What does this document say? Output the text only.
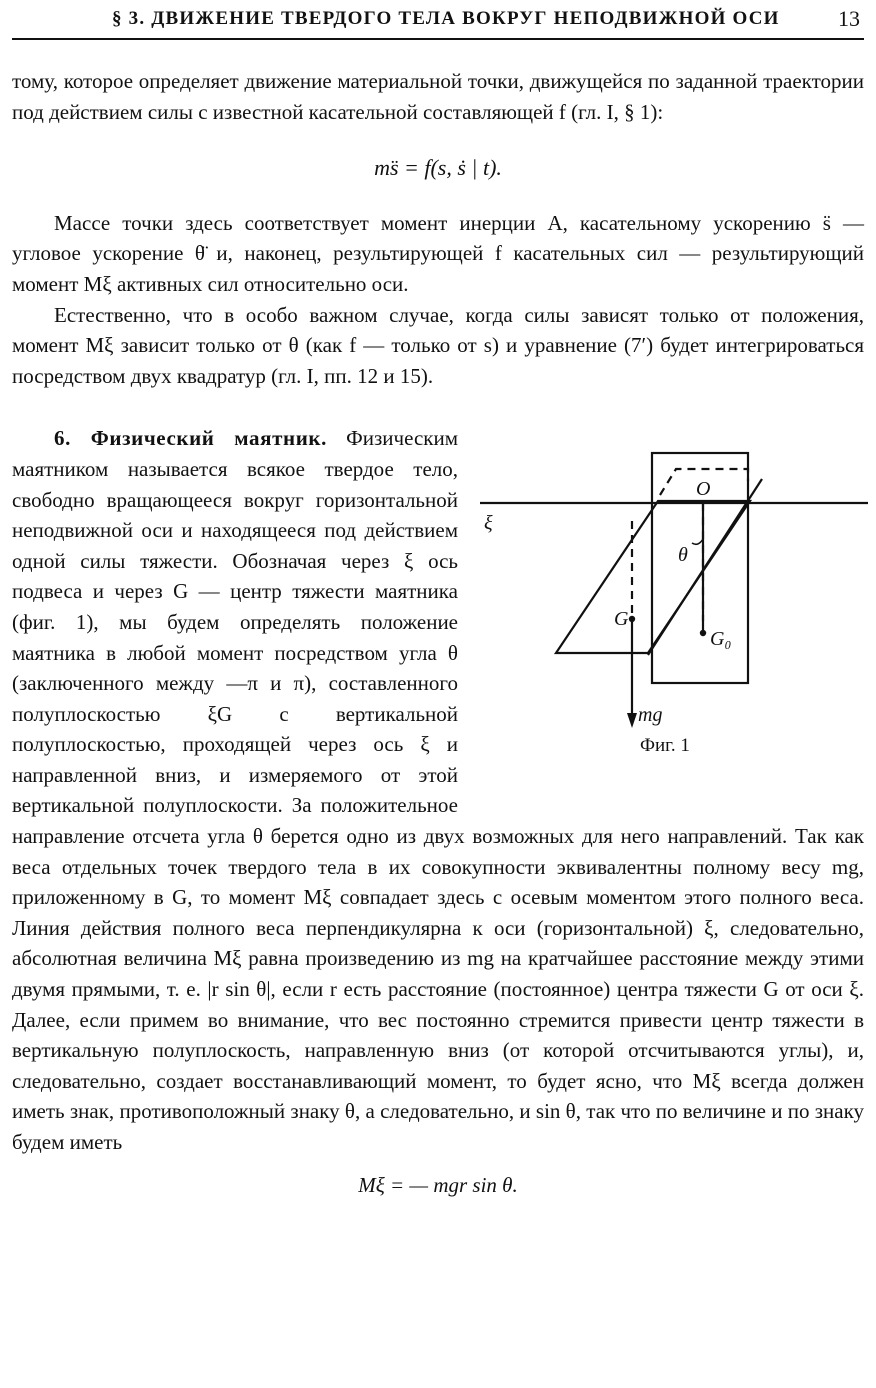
§ 3. ДВИЖЕНИЕ ТВЕРДОГО ТЕЛА ВОКРУГ НЕПОДВИЖНОЙ ОСИ	13

тому, которое определяет движение материальной точки, движущейся по заданной траектории под действием силы с известной касательной составляющей f (гл. I, § 1):

ms̈ = f(s, ṡ | t).

Массе точки здесь соответствует момент инерции A, касательному ускорению s̈ — угловое ускорение θ̈ и, наконец, результирующей f касательных сил — результирующий момент Mξ активных сил относительно оси.

Естественно, что в особо важном случае, когда силы зависят только от положения, момент Mξ зависит только от θ (как f — только от s) и уравнение (7′) будет интегрироваться посредством двух квадратур (гл. I, пп. 12 и 15).

ξ
O
θ
G
G₀
mg
Фиг. 1

6. Физический маятник. Физическим маятником называется всякое твердое тело, свободно вращающееся вокруг горизонтальной неподвижной оси и находящееся под действием одной силы тяжести. Обозначая через ξ ось подвеса и через G — центр тяжести маятника (фиг. 1), мы будем определять положение маятника в любой момент посредством угла θ (заключенного между —π и π), составленного полуплоскостью ξG с вертикальной полуплоскостью, проходящей через ось ξ и направленной вниз, и измеряемого от этой вертикальной полуплоскости. За положительное направление отсчета угла θ берется одно из двух возможных для него направлений. Так как веса отдельных точек твердого тела в их совокупности эквивалентны полному весу mg, приложенному в G, то момент Mξ совпадает здесь с осевым моментом этого полного веса. Линия действия полного веса перпендикулярна к оси (горизонтальной) ξ, следовательно, абсолютная величина Mξ равна произведению из mg на кратчайшее расстояние между этими двумя прямыми, т. е. |r sin θ|, если r есть расстояние (постоянное) центра тяжести G от оси ξ. Далее, если примем во внимание, что вес постоянно стремится привести центр тяжести в вертикальную полуплоскость, направленную вниз (от которой отсчитываются углы), и, следовательно, создает восстанавливающий момент, то будет ясно, что Mξ всегда должен иметь знак, противоположный знаку θ, а следовательно, и sin θ, так что по величине и по знаку будем иметь

Mξ = — mgr sin θ.
